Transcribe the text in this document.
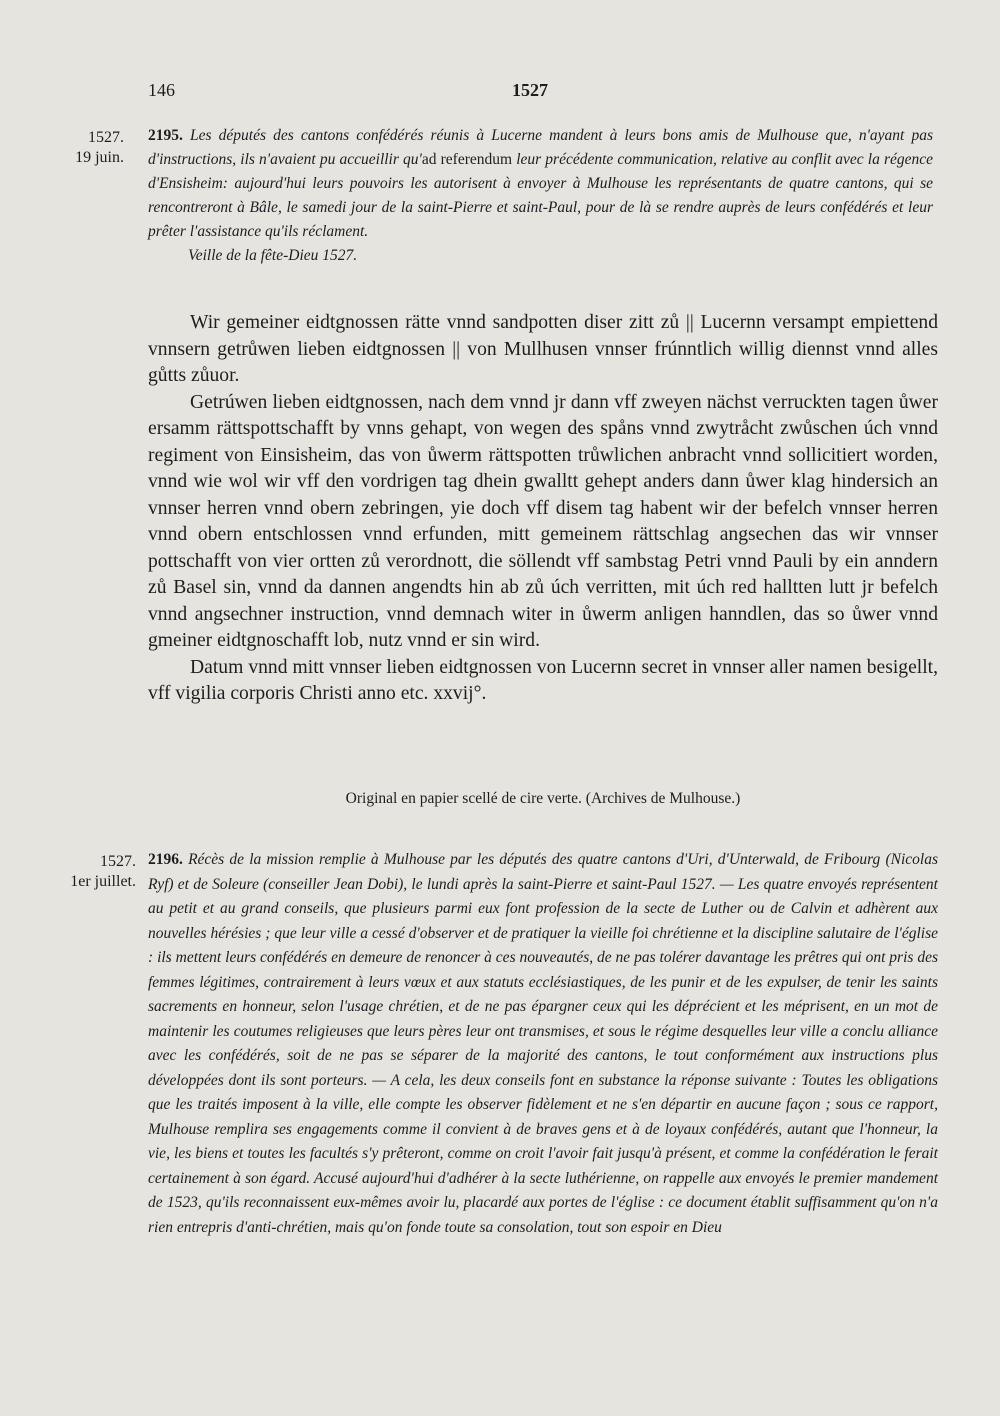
146	1527
1527.
19 juin.
2195. Les députés des cantons confédérés réunis à Lucerne mandent à leurs bons amis de Mulhouse que, n'ayant pas d'instructions, ils n'avaient pu accueillir qu'ad referendum leur précédente communication, relative au conflit avec la régence d'Ensisheim: aujourd'hui leurs pouvoirs les autorisent à envoyer à Mulhouse les représentants de quatre cantons, qui se rencontreront à Bâle, le samedi jour de la saint-Pierre et saint-Paul, pour de là se rendre auprès de leurs confédérés et leur prêter l'assistance qu'ils réclament.
Veille de la fête-Dieu 1527.

Wir gemeiner eidtgnossen rätte vnnd sandpotten diser zitt zů || Lucernn versampt empiettend vnnsern getrůwen lieben eidtgnossen || von Mullhusen vnnser frúnntlich willig diennst vnnd alles gůtts zůuor.

Getrúwen lieben eidtgnossen, nach dem vnnd jr dann vff zweyen nächst verruckten tagen ůwer ersamm rättspottschafft by vnns gehapt, von wegen des spåns vnnd zwytråcht zwůschen úch vnnd regiment von Einsisheim, das von ůwerm rättspotten trůwlichen anbracht vnnd sollicitiert worden, vnnd wie wol wir vff den vordrigen tag dhein gwalltt gehept anders dann ůwer klag hindersich an vnnser herren vnnd obern zebringen, yie doch vff disem tag habent wir der befelch vnnser herren vnnd obern entschlossen vnnd erfunden, mitt gemeinem rättschlag angsechen das wir vnnser pottschafft von vier ortten zů verordnott, die söllendt vff sambstag Petri vnnd Pauli by ein anndern zů Basel sin, vnnd da dannen angendts hin ab zů úch verritten, mit úch red halltten lutt jr befelch vnnd angsechner instruction, vnnd demnach witer in ůwerm anligen hanndlen, das so ůwer vnnd gmeiner eidtgnoschafft lob, nutz vnnd er sin wird.

Datum vnnd mitt vnnser lieben eidtgnossen von Lucernn secret in vnnser aller namen besigellt, vff vigilia corporis Christi anno etc. xxvij°.

Original en papier scellé de cire verte. (Archives de Mulhouse.)
1527.
1er juillet.
2196. Récès de la mission remplie à Mulhouse par les députés des quatre cantons d'Uri, d'Unterwald, de Fribourg (Nicolas Ryf) et de Soleure (conseiller Jean Dobi), le lundi après la saint-Pierre et saint-Paul 1527. — Les quatre envoyés représentent au petit et au grand conseils, que plusieurs parmi eux font profession de la secte de Luther ou de Calvin et adhèrent aux nouvelles hérésies ; que leur ville a cessé d'observer et de pratiquer la vieille foi chrétienne et la discipline salutaire de l'église : ils mettent leurs confédérés en demeure de renoncer à ces nouveautés, de ne pas tolérer davantage les prêtres qui ont pris des femmes légitimes, contrairement à leurs vœux et aux statuts ecclésiastiques, de les punir et de les expulser, de tenir les saints sacrements en honneur, selon l'usage chrétien, et de ne pas épargner ceux qui les déprécient et les méprisent, en un mot de maintenir les coutumes religieuses que leurs pères leur ont transmises, et sous le régime desquelles leur ville a conclu alliance avec les confédérés, soit de ne pas se séparer de la majorité des cantons, le tout conformément aux instructions plus développées dont ils sont porteurs. — A cela, les deux conseils font en substance la réponse suivante : Toutes les obligations que les traités imposent à la ville, elle compte les observer fidèlement et ne s'en départir en aucune façon ; sous ce rapport, Mulhouse remplira ses engagements comme il convient à de braves gens et à de loyaux confédérés, autant que l'honneur, la vie, les biens et toutes les facultés s'y prêteront, comme on croit l'avoir fait jusqu'à présent, et comme la confédération le ferait certainement à son égard. Accusé aujourd'hui d'adhérer à la secte luthérienne, on rappelle aux envoyés le premier mandement de 1523, qu'ils reconnaissent eux-mêmes avoir lu, placardé aux portes de l'église : ce document établit suffisamment qu'on n'a rien entrepris d'anti-chrétien, mais qu'on fonde toute sa consolation, tout son espoir en Dieu
